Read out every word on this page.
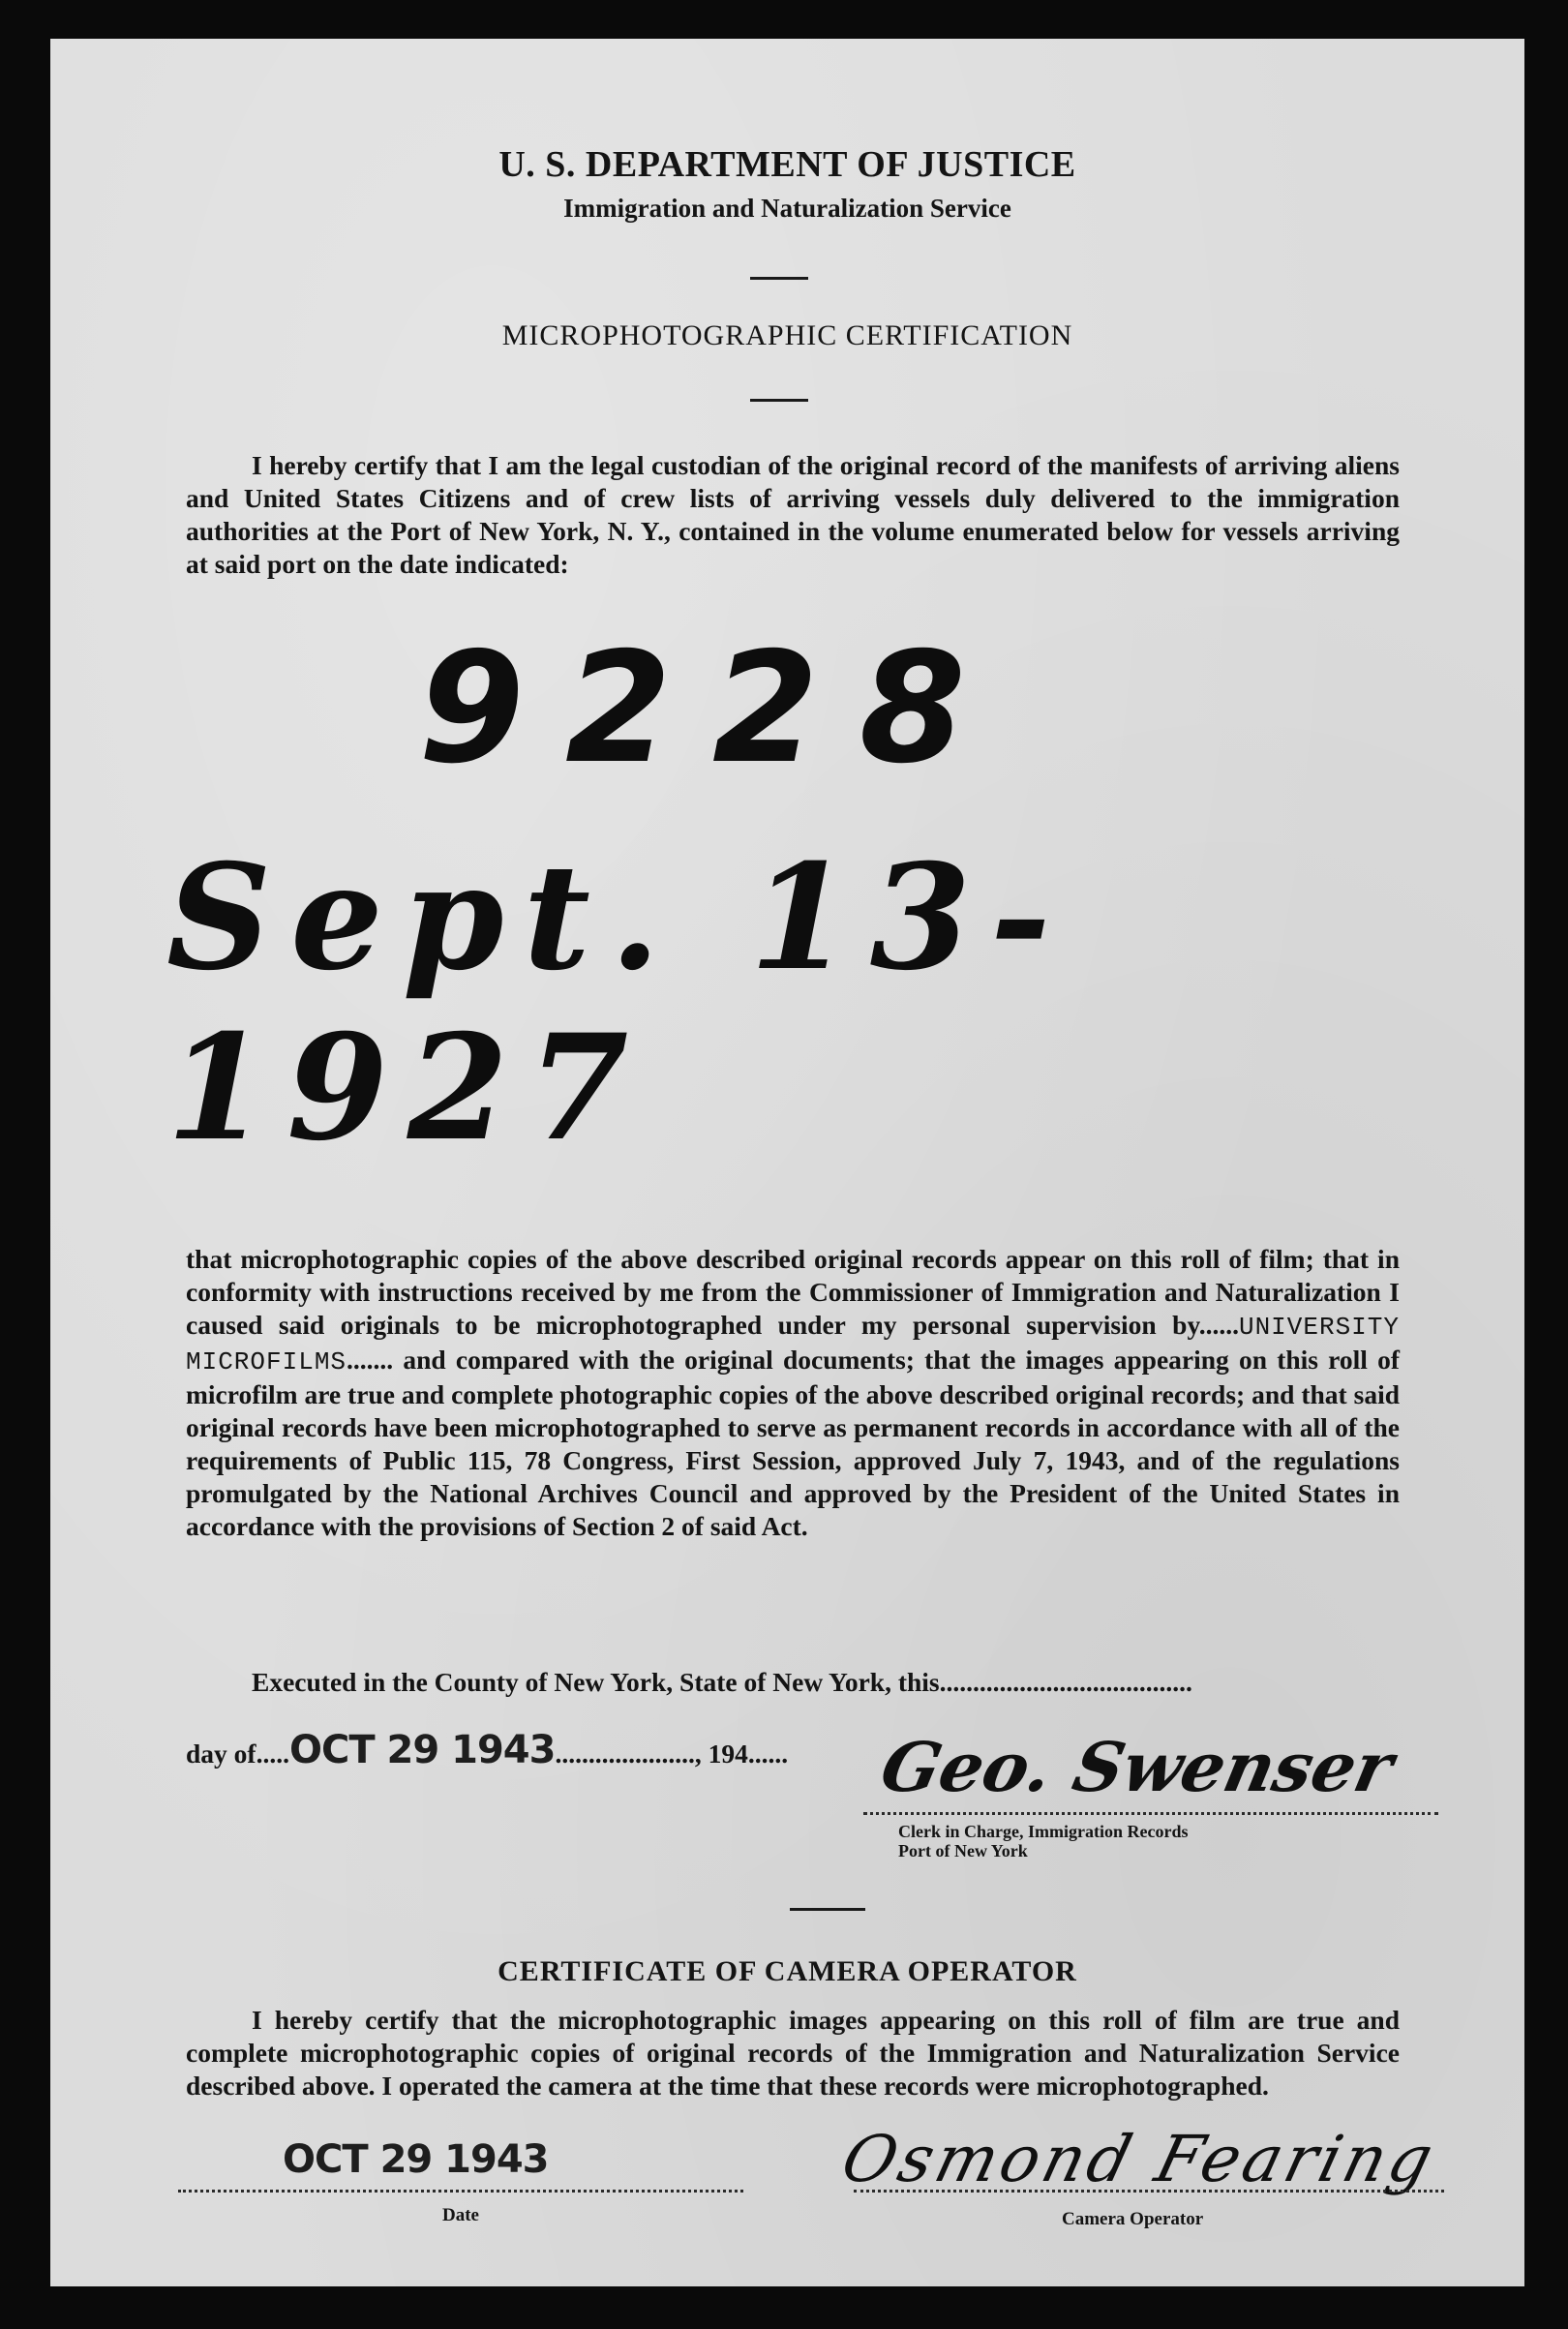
U. S. DEPARTMENT OF JUSTICE
Immigration and Naturalization Service
MICROPHOTOGRAPHIC CERTIFICATION
I hereby certify that I am the legal custodian of the original record of the manifests of arriving aliens and United States Citizens and of crew lists of arriving vessels duly delivered to the immigration authorities at the Port of New York, N. Y., contained in the volume enumerated below for vessels arriving at said port on the date indicated:
9228
Sept. 13-1927
that microphotographic copies of the above described original records appear on this roll of film; that in conformity with instructions received by me from the Commissioner of Immigration and Naturalization I caused said originals to be microphotographed under my personal supervision by......UNIVERSITY MICROFILMS....... and compared with the original documents; that the images appearing on this roll of microfilm are true and complete photographic copies of the above described original records; and that said original records have been microphotographed to serve as permanent records in accordance with all of the requirements of Public 115, 78 Congress, First Session, approved July 7, 1943, and of the regulations promulgated by the National Archives Council and approved by the President of the United States in accordance with the provisions of Section 2 of said Act.
Executed in the County of New York, State of New York, this......................................
day of.....OCT 29 1943....................., 194...... Geo. Swenser
Clerk in Charge, Immigration Records
Port of New York
CERTIFICATE OF CAMERA OPERATOR
I hereby certify that the microphotographic images appearing on this roll of film are true and complete microphotographic copies of original records of the Immigration and Naturalization Service described above. I operated the camera at the time that these records were microphotographed.
OCT 29 1943
Date
Osmond Fearing
Camera Operator
